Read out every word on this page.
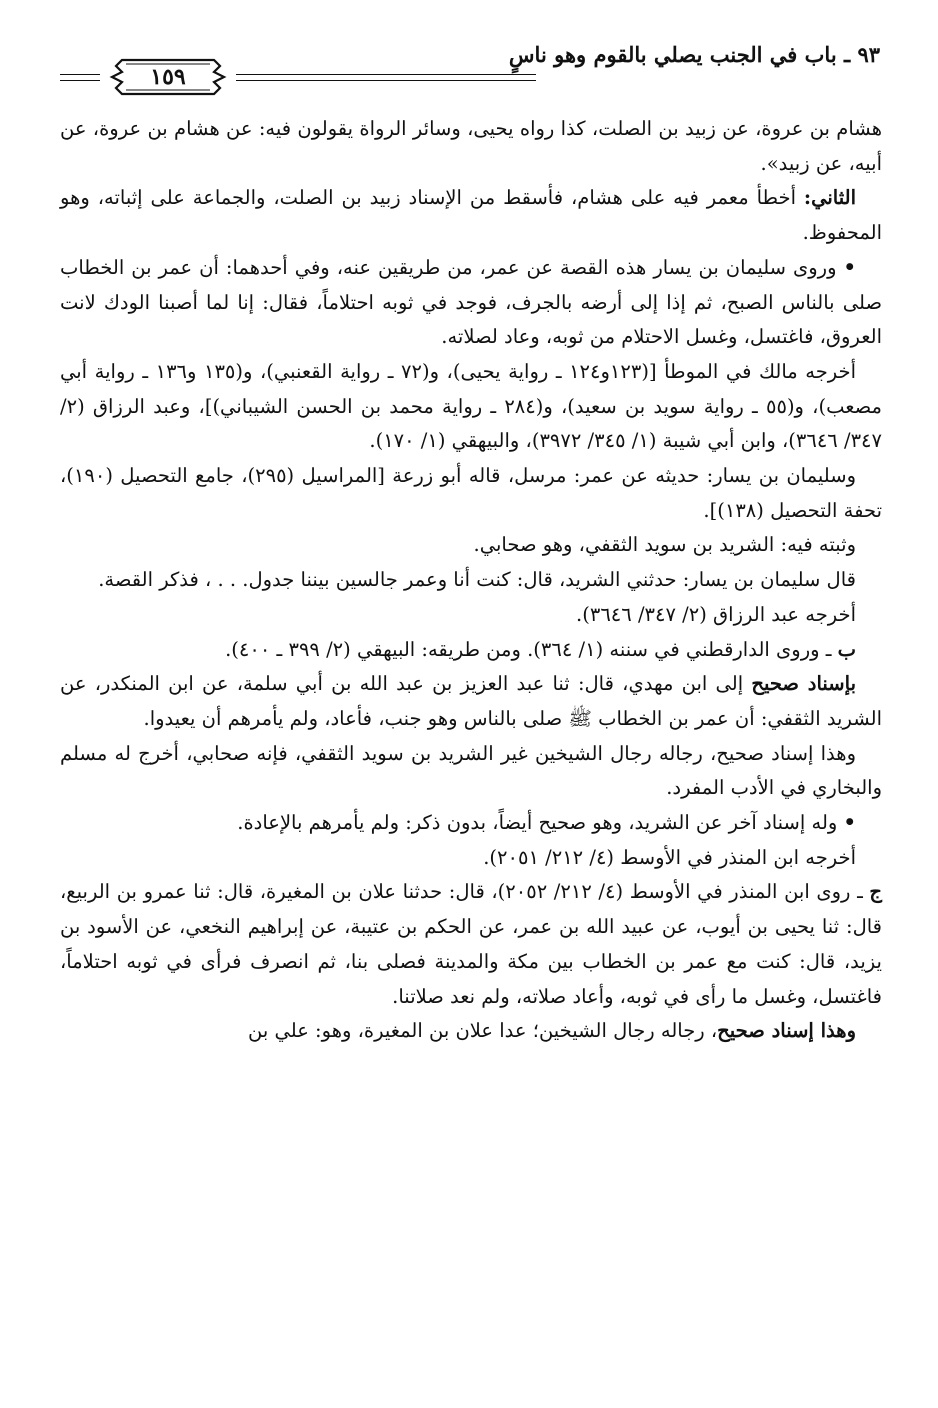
٩٣ ـ باب في الجنب يصلي بالقوم وهو ناسٍ
١٥٩

هشام بن عروة، عن زبيد بن الصلت، كذا رواه يحيى، وسائر الرواة يقولون فيه: عن هشام بن عروة، عن أبيه، عن زبيد».

الثاني: أخطأ معمر فيه على هشام، فأسقط من الإسناد زبيد بن الصلت، والجماعة على إثباته، وهو المحفوظ.

• وروى سليمان بن يسار هذه القصة عن عمر، من طريقين عنه، وفي أحدهما: أن عمر بن الخطاب صلى بالناس الصبح، ثم إذا إلى أرضه بالجرف، فوجد في ثوبه احتلاماً، فقال: إنا لما أصبنا الودك لانت العروق، فاغتسل، وغسل الاحتلام من ثوبه، وعاد لصلاته.

أخرجه مالك في الموطأ [(١٢٣و١٢٤ ـ رواية يحيى)، و(٧٢ ـ رواية القعنبي)، و(١٣٥ و١٣٦ ـ رواية أبي مصعب)، و(٥٥ ـ رواية سويد بن سعيد)، و(٢٨٤ ـ رواية محمد بن الحسن الشيباني)]، وعبد الرزاق (٢/ ٣٤٧/ ٣٦٤٦)، وابن أبي شيبة (١/ ٣٤٥/ ٣٩٧٢)، والبيهقي (١/ ١٧٠).

وسليمان بن يسار: حديثه عن عمر: مرسل، قاله أبو زرعة [المراسيل (٢٩٥)، جامع التحصيل (١٩٠)، تحفة التحصيل (١٣٨)].

وثبته فيه: الشريد بن سويد الثقفي، وهو صحابي.

قال سليمان بن يسار: حدثني الشريد، قال: كنت أنا وعمر جالسين بيننا جدول. . . ، فذكر القصة.

أخرجه عبد الرزاق (٢/ ٣٤٧/ ٣٦٤٦).

ب ـ وروى الدارقطني في سننه (١/ ٣٦٤). ومن طريقه: البيهقي (٢/ ٣٩٩ ـ ٤٠٠).

بإسناد صحيح إلى ابن مهدي، قال: ثنا عبد العزيز بن عبد الله بن أبي سلمة، عن ابن المنكدر، عن الشريد الثقفي: أن عمر بن الخطاب ﷺ صلى بالناس وهو جنب، فأعاد، ولم يأمرهم أن يعيدوا.

وهذا إسناد صحيح، رجاله رجال الشيخين غير الشريد بن سويد الثقفي، فإنه صحابي، أخرج له مسلم والبخاري في الأدب المفرد.

• وله إسناد آخر عن الشريد، وهو صحيح أيضاً، بدون ذكر: ولم يأمرهم بالإعادة.

أخرجه ابن المنذر في الأوسط (٤/ ٢١٢/ ٢٠٥١).

ج ـ روى ابن المنذر في الأوسط (٤/ ٢١٢/ ٢٠٥٢)، قال: حدثنا علان بن المغيرة، قال: ثنا عمرو بن الربيع، قال: ثنا يحيى بن أيوب، عن عبيد الله بن عمر، عن الحكم بن عتيبة، عن إبراهيم النخعي، عن الأسود بن يزيد، قال: كنت مع عمر بن الخطاب بين مكة والمدينة فصلى بنا، ثم انصرف فرأى في ثوبه احتلاماً، فاغتسل، وغسل ما رأى في ثوبه، وأعاد صلاته، ولم نعد صلاتنا.

وهذا إسناد صحيح، رجاله رجال الشيخين؛ عدا علان بن المغيرة، وهو: علي بن
